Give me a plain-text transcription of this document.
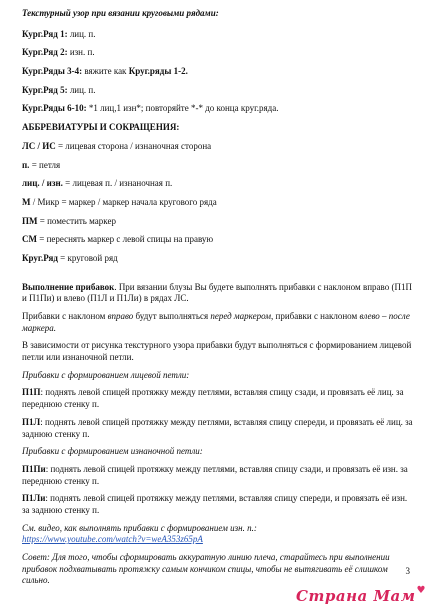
Текстурный узор при вязании круговыми рядами:

Кург.Ряд 1: лиц. п.

Кург.Ряд 2: изн. п.

Кург.Ряды 3-4: вяжите как Круг.ряды 1-2.

Кург.Ряд 5: лиц. п.

Кург.Ряды 6-10: *1 лиц,1 изн*; повторяйте *-* до конца круг.ряда.

АББРЕВИАТУРЫ И СОКРАЩЕНИЯ:

ЛС / ИС = лицевая сторона / изнаночная сторона

п. = петля

лиц. / изн. = лицевая п. / изнаночная п.

М / Микр = маркер / маркер начала кругового ряда

ПМ = поместить маркер

СМ = переснять маркер с левой спицы на правую

Круг.Ряд = круговой ряд

Выполнение прибавок. При вязании блузы Вы будете выполнять прибавки с наклоном вправо (П1П и П1Пи) и влево (П1Л и П1Ли) в рядах ЛС.

Прибавки с наклоном вправо будут выполняться перед маркером, прибавки с наклоном влево – после маркера.

В зависимости от рисунка текстурного узора прибавки будут выполняться с формированием лицевой петли или изнаночной петли.

Прибавки с формированием лицевой петли:

П1П: поднять левой спицей протяжку между петлями, вставляя спицу сзади, и провязать её лиц. за переднюю стенку п.

П1Л: поднять левой спицей протяжку между петлями, вставляя спицу спереди, и провязать её лиц. за заднюю стенку п.

Прибавки с формированием изнаночной петли:

П1Пи: поднять левой спицей протяжку между петлями, вставляя спицу сзади, и провязать её изн. за переднюю стенку п.

П1Ли: поднять левой спицей протяжку между петлями, вставляя спицу спереди, и провязать её изн. за заднюю стенку п.

См. видео, как выполнять прибавки с формированием изн. п.:

https://www.youtube.com/watch?v=weA353z65pA

Совет: Для того, чтобы сформировать аккуратную линию плеча, старайтесь при выполнении прибавок подхватывать протяжку самым кончиком спицы, чтобы не вытягивать её слишком сильно.

3
Страна Мам♥
